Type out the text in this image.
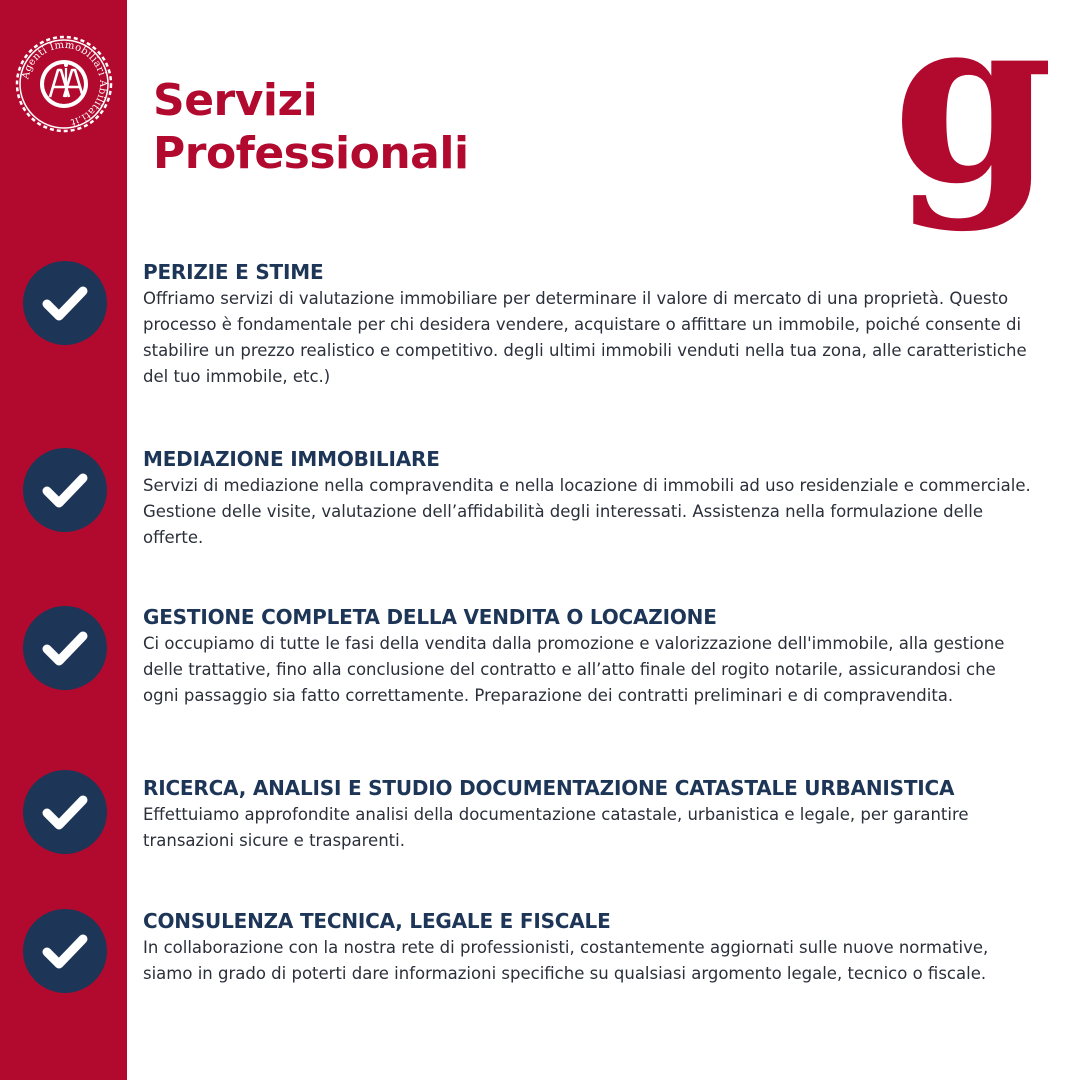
Agenti Immobiliari Abilitati.it	Servizi
Professionali g
PERIZIE E STIME

Offriamo servizi di valutazione immobiliare per determinare il valore di mercato di una proprietà. Questo processo è fondamentale per chi desidera vendere, acquistare o affittare un immobile, poiché consente di stabilire un prezzo realistico e competitivo. degli ultimi immobili venduti nella tua zona, alle caratteristiche del tuo immobile, etc.)

MEDIAZIONE IMMOBILIARE

Servizi di mediazione nella compravendita e nella locazione di immobili ad uso residenziale e commerciale. Gestione delle visite, valutazione dell’affidabilità degli interessati. Assistenza nella formulazione delle offerte.

GESTIONE COMPLETA DELLA VENDITA O LOCAZIONE

Ci occupiamo di tutte le fasi della vendita dalla promozione e valorizzazione dell'immobile, alla gestione delle trattative, fino alla conclusione del contratto e all’atto finale del rogito notarile, assicurandosi che ogni passaggio sia fatto correttamente. Preparazione dei contratti preliminari e di compravendita.

RICERCA, ANALISI E STUDIO DOCUMENTAZIONE CATASTALE URBANISTICA

Effettuiamo approfondite analisi della documentazione catastale, urbanistica e legale, per garantire transazioni sicure e trasparenti.

CONSULENZA TECNICA, LEGALE E FISCALE

In collaborazione con la nostra rete di professionisti, costantemente aggiornati sulle nuove normative, siamo in grado di poterti dare informazioni specifiche su qualsiasi argomento legale, tecnico o fiscale.
